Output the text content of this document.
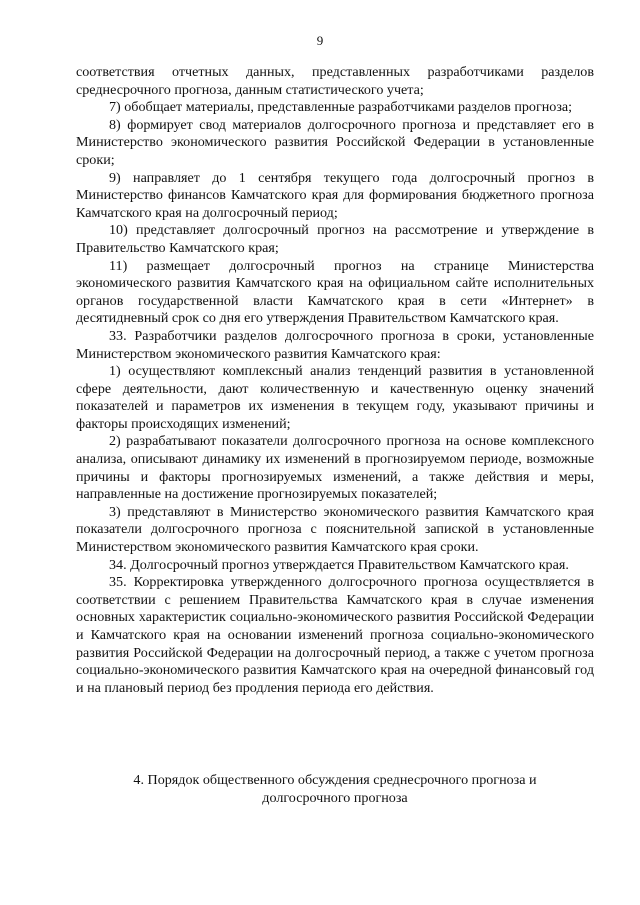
9

соответствия отчетных данных, представленных разработчиками разделов среднесрочного прогноза, данным статистического учета;

7) обобщает материалы, представленные разработчиками разделов прогноза;

8) формирует свод материалов долгосрочного прогноза и представляет его в Министерство экономического развития Российской Федерации в установленные сроки;

9) направляет до 1 сентября текущего года долгосрочный прогноз в Министерство финансов Камчатского края для формирования бюджетного прогноза Камчатского края на долгосрочный период;

10) представляет долгосрочный прогноз на рассмотрение и утверждение в Правительство Камчатского края;

11) размещает долгосрочный прогноз на странице Министерства экономического развития Камчатского края на официальном сайте исполнительных органов государственной власти Камчатского края в сети «Интернет» в десятидневный срок со дня его утверждения Правительством Камчатского края.

33. Разработчики разделов долгосрочного прогноза в сроки, установленные Министерством экономического развития Камчатского края:

1) осуществляют комплексный анализ тенденций развития в установленной сфере деятельности, дают количественную и качественную оценку значений показателей и параметров их изменения в текущем году, указывают причины и факторы происходящих изменений;

2) разрабатывают показатели долгосрочного прогноза на основе комплексного анализа, описывают динамику их изменений в прогнозируемом периоде, возможные причины и факторы прогнозируемых изменений, а также действия и меры, направленные на достижение прогнозируемых показателей;

3) представляют в Министерство экономического развития Камчатского края показатели долгосрочного прогноза с пояснительной запиской в установленные Министерством экономического развития Камчатского края сроки.

34. Долгосрочный прогноз утверждается Правительством Камчатского края.

35. Корректировка утвержденного долгосрочного прогноза осуществляется в соответствии с решением Правительства Камчатского края в случае изменения основных характеристик социально-экономического развития Российской Федерации и Камчатского края на основании изменений прогноза социально-экономического развития Российской Федерации на долгосрочный период, а также с учетом прогноза социально-экономического развития Камчатского края на очередной финансовый год и на плановый период без продления периода его действия.

4. Порядок общественного обсуждения среднесрочного прогноза и
долгосрочного прогноза
